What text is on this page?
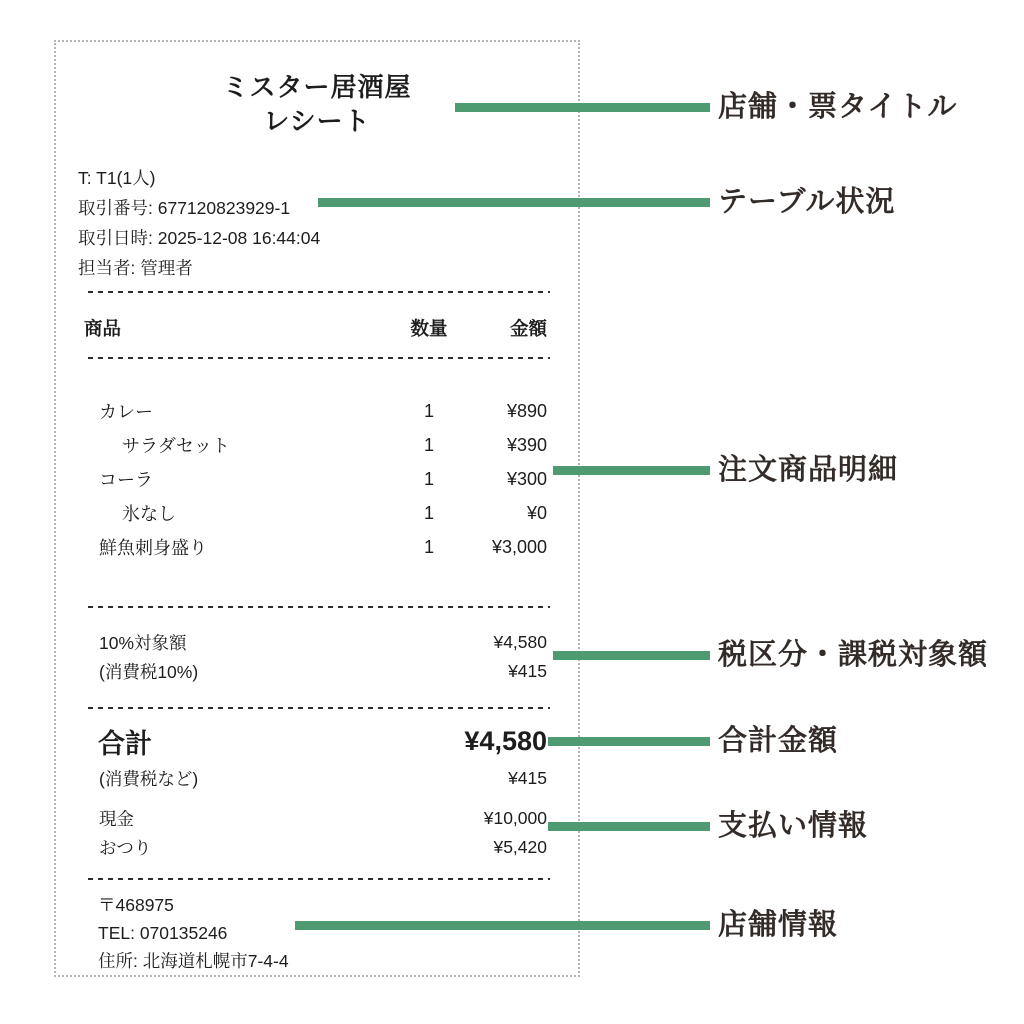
ミスター居酒屋
レシート
T: T1(1人)
取引番号: 677120823929-1
取引日時: 2025-12-08 16:44:04
担当者: 管理者
商品	数量	金額
カレー	1	¥890
サラダセット	1	¥390
コーラ	1	¥300
氷なし	1	¥0
鮮魚刺身盛り	1	¥3,000
10%対象額	¥4,580
(消費税10%)	¥415
合計	¥4,580
(消費税など)	¥415
現金	¥10,000
おつり	¥5,420
〒468975
TEL: 070135246
住所: 北海道札幌市7-4-4
店舗・票タイトル
テーブル状況
注文商品明細
税区分・課税対象額
合計金額
支払い情報
店舗情報
